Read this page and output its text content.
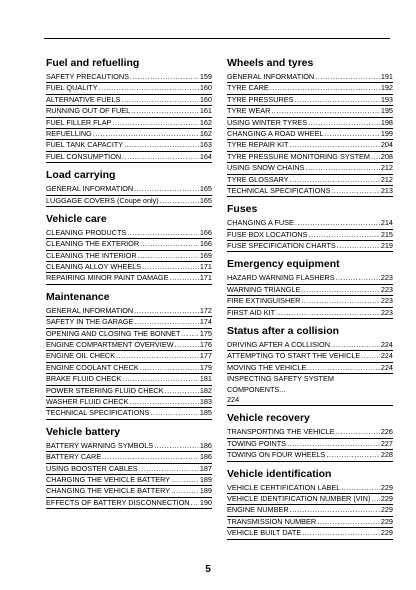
Fuel and refuelling
SAFETY PRECAUTIONS .....	159
FUEL QUALITY .....	160
ALTERNATIVE FUELS .....	160
RUNNING OUT OF FUEL .....	161
FUEL FILLER FLAP .....	162
REFUELLING .....	162
FUEL TANK CAPACITY .....	163
FUEL CONSUMPTION .....	164
Load carrying
GENERAL INFORMATION .....	165
LUGGAGE COVERS (Coupe only) .....	165
Vehicle care
CLEANING PRODUCTS .....	166
CLEANING THE EXTERIOR .....	166
CLEANING THE INTERIOR .....	169
CLEANING ALLOY WHEELS .....	171
REPAIRING MINOR PAINT DAMAGE .....	171
Maintenance
GENERAL INFORMATION .....	172
SAFETY IN THE GARAGE .....	174
OPENING AND CLOSING THE BONNET .....	175
ENGINE COMPARTMENT OVERVIEW .....	176
ENGINE OIL CHECK .....	177
ENGINE COOLANT CHECK .....	179
BRAKE FLUID CHECK .....	181
POWER STEERING FLUID CHECK .....	182
WASHER FLUID CHECK .....	183
TECHNICAL SPECIFICATIONS .....	185
Vehicle battery
BATTERY WARNING SYMBOLS .....	186
BATTERY CARE .....	186
USING BOOSTER CABLES .....	187
CHARGING THE VEHICLE BATTERY .....	189
CHANGING THE VEHICLE BATTERY .....	189
EFFECTS OF BATTERY DISCONNECTION ..... 190
Wheels and tyres
GENERAL INFORMATION .....	191
TYRE CARE .....	192
TYRE PRESSURES .....	193
TYRE WEAR .....	195
USING WINTER TYRES .....	198
CHANGING A ROAD WHEEL .....	199
TYRE REPAIR KIT .....	204
TYRE PRESSURE MONITORING SYSTEM ..... 208
USING SNOW CHAINS .....	212
TYRE GLOSSARY .....	212
TECHNICAL SPECIFICATIONS .....	213
Fuses
CHANGING A FUSE .....	214
FUSE BOX LOCATIONS .....	215
FUSE SPECIFICATION CHARTS .....	219
Emergency equipment
HAZARD WARNING FLASHERS .....	223
WARNING TRIANGLE .....	223
FIRE EXTINGUISHER .....	223
FIRST AID KIT .....	223
Status after a collision
DRIVING AFTER A COLLISION .....	224
ATTEMPTING TO START THE VEHICLE .....	224
MOVING THE VEHICLE .....	224
INSPECTING SAFETY SYSTEM COMPONENTS...
224
Vehicle recovery
TRANSPORTING THE VEHICLE .....	226
TOWING POINTS .....	227
TOWING ON FOUR WHEELS .....	228
Vehicle identification
VEHICLE CERTIFICATION LABEL .....	229
VEHICLE IDENTIFICATION NUMBER (VIN) ..... 229
ENGINE NUMBER .....	229
TRANSMISSION NUMBER .....	229
VEHICLE BUILT DATE .....	229
5
